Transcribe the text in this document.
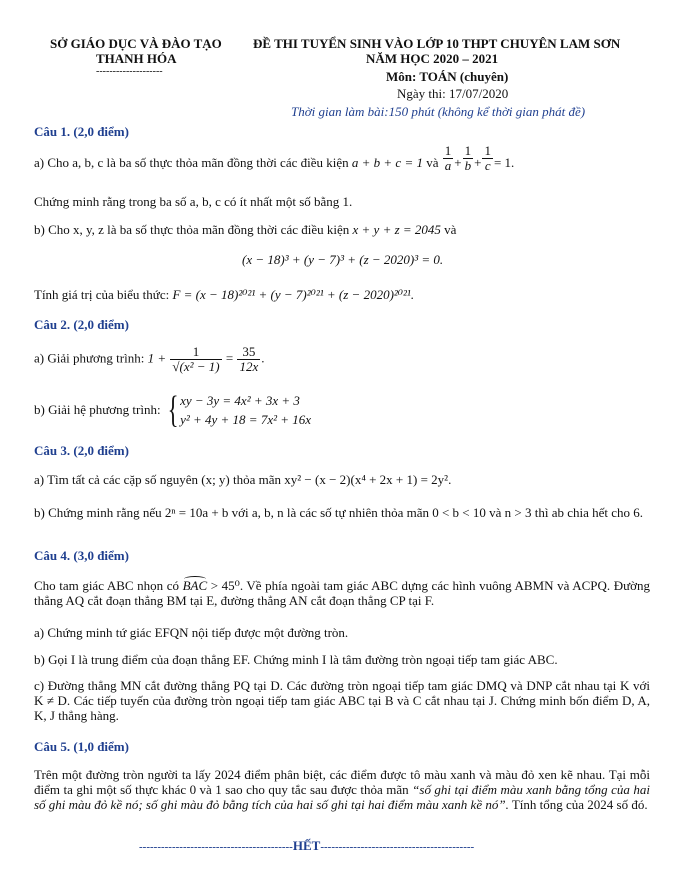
SỞ GIÁO DỤC VÀ ĐÀO TẠO
THANH HÓA
--------------------
ĐỀ THI TUYỂN SINH VÀO LỚP 10 THPT CHUYÊN LAM SƠN
NĂM HỌC 2020 – 2021
Môn: TOÁN (chuyên)
Ngày thi: 17/07/2020
Thời gian làm bài:150 phút (không kể thời gian phát đề)
Câu 1. (2,0 điểm)
a) Cho a, b, c là ba số thực thỏa mãn đồng thời các điều kiện a + b + c = 1 và $\frac{1}{a} + \frac{1}{b} + \frac{1}{c} = 1$.
Chứng minh rằng trong ba số a, b, c có ít nhất một số bằng 1.
b) Cho x, y, z là ba số thực thỏa mãn đồng thời các điều kiện x + y + z = 2045 và
(x − 18)³ + (y − 7)³ + (z − 2020)³ = 0.
Tính giá trị của biểu thức: F = (x − 18)²⁰²¹ + (y − 7)²⁰²¹ + (z − 2020)²⁰²¹.
Câu 2. (2,0 điểm)
a) Giải phương trình: $1 + \frac{1}{\text{√(x² − 1)}} = \frac{35}{12x}$ .
b) Giải hệ phương trình: { xy − 3y = 4x² + 3x + 3
y² + 4y + 18 = 7x² + 16x
Câu 3. (2,0 điểm)
a) Tìm tất cả các cặp số nguyên (x; y) thỏa mãn xy² − (x − 2)(x⁴ + 2x + 1) = 2y².
b) Chứng minh rằng nếu 2ⁿ = 10a + b với a, b, n là các số tự nhiên thỏa mãn 0 < b < 10 và n > 3 thì ab chia hết cho 6.
Câu 4. (3,0 điểm)
Cho tam giác ABC nhọn có BAC > 45⁰. Về phía ngoài tam giác ABC dựng các hình vuông ABMN và ACPQ. Đường thẳng AQ cắt đoạn thẳng BM tại E, đường thẳng AN cắt đoạn thẳng CP tại F.
a) Chứng minh tứ giác EFQN nội tiếp được một đường tròn.
b) Gọi I là trung điểm của đoạn thẳng EF. Chứng minh I là tâm đường tròn ngoại tiếp tam giác ABC.
c) Đường thẳng MN cắt đường thẳng PQ tại D. Các đường tròn ngoại tiếp tam giác DMQ và DNP cắt nhau tại K với K ≠ D. Các tiếp tuyến của đường tròn ngoại tiếp tam giác ABC tại B và C cắt nhau tại J. Chứng minh bốn điểm D, A, K, J thẳng hàng.
Câu 5. (1,0 điểm)
Trên một đường tròn người ta lấy 2024 điểm phân biệt, các điểm được tô màu xanh và màu đỏ xen kẽ nhau. Tại mỗi điểm ta ghi một số thực khác 0 và 1 sao cho quy tắc sau được thỏa mãn “số ghi tại điểm màu xanh bằng tổng của hai số ghi màu đỏ kề nó; số ghi màu đỏ bằng tích của hai số ghi tại hai điểm màu xanh kề nó”. Tính tổng của 2024 số đó.
------------------------------------------HẾT------------------------------------------
